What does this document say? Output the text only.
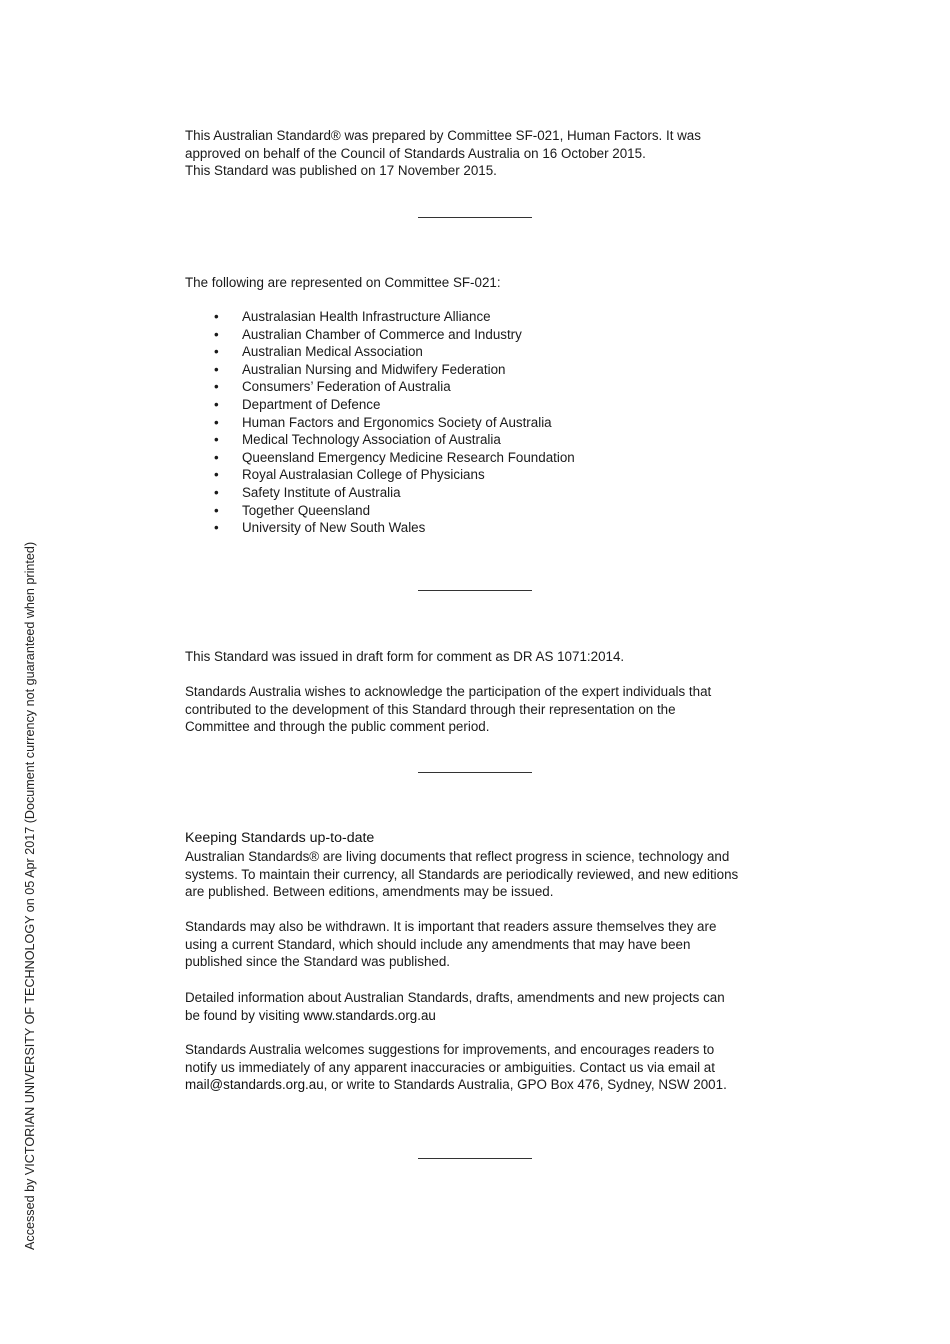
This Australian Standard® was prepared by Committee SF-021, Human Factors. It was
approved on behalf of the Council of Standards Australia on 16 October 2015.
This Standard was published on 17 November 2015.
The following are represented on Committee SF-021:
• Australasian Health Infrastructure Alliance
• Australian Chamber of Commerce and Industry
• Australian Medical Association
• Australian Nursing and Midwifery Federation
• Consumers’ Federation of Australia
• Department of Defence
• Human Factors and Ergonomics Society of Australia
• Medical Technology Association of Australia
• Queensland Emergency Medicine Research Foundation
• Royal Australasian College of Physicians
• Safety Institute of Australia
• Together Queensland
• University of New South Wales
This Standard was issued in draft form for comment as DR AS 1071:2014.
Standards Australia wishes to acknowledge the participation of the expert individuals that
contributed to the development of this Standard through their representation on the
Committee and through the public comment period.
Keeping Standards up-to-date
Australian Standards® are living documents that reflect progress in science, technology and
systems. To maintain their currency, all Standards are periodically reviewed, and new editions
are published. Between editions, amendments may be issued.
Standards may also be withdrawn. It is important that readers assure themselves they are
using a current Standard, which should include any amendments that may have been
published since the Standard was published.
Detailed information about Australian Standards, drafts, amendments and new projects can
be found by visiting www.standards.org.au
Standards Australia welcomes suggestions for improvements, and encourages readers to
notify us immediately of any apparent inaccuracies or ambiguities. Contact us via email at
mail@standards.org.au, or write to Standards Australia, GPO Box 476, Sydney, NSW 2001.
Accessed by VICTORIAN UNIVERSITY OF TECHNOLOGY on 05 Apr 2017 (Document currency not guaranteed when printed)
